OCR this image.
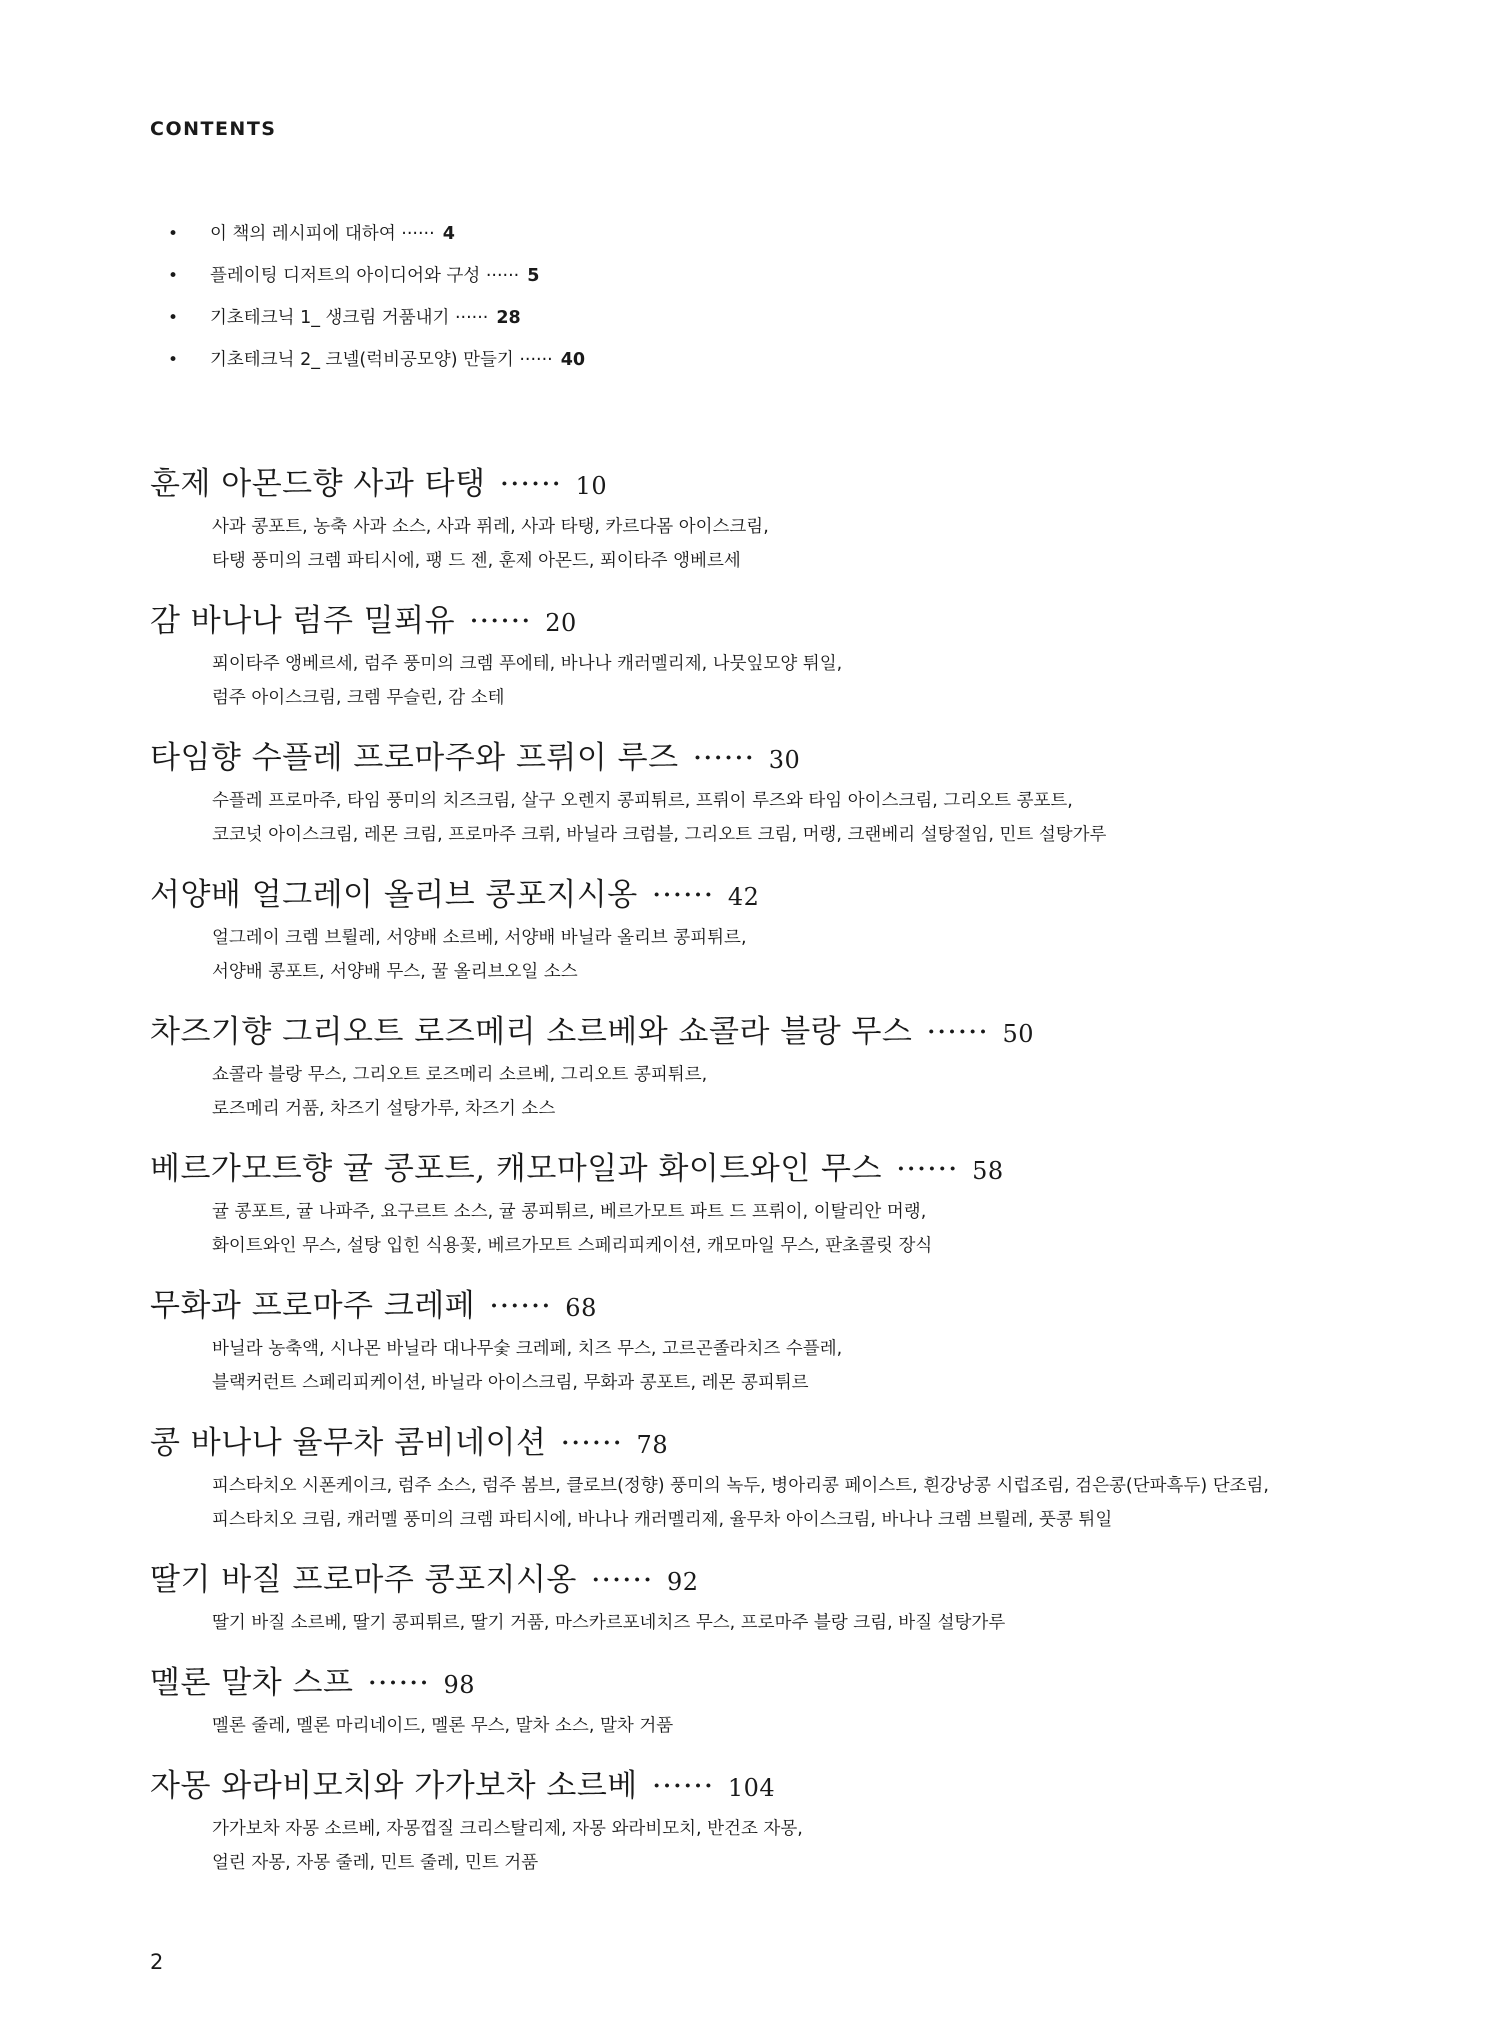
CONTENTS
• 이 책의 레시피에 대하여 ······ 4
• 플레이팅 디저트의 아이디어와 구성 ······ 5
• 기초테크닉 1_ 생크림 거품내기 ······ 28
• 기초테크닉 2_ 크넬(럭비공모양) 만들기 ······ 40
훈제 아몬드향 사과 타탱 ······ 10
사과 콩포트, 농축 사과 소스, 사과 퓌레, 사과 타탱, 카르다몸 아이스크림,
타탱 풍미의 크렘 파티시에, 팽 드 젠, 훈제 아몬드, 푀이타주 앵베르세
감 바나나 럼주 밀푀유 ······ 20
푀이타주 앵베르세, 럼주 풍미의 크렘 푸에테, 바나나 캐러멜리제, 나뭇잎모양 튀일,
럼주 아이스크림, 크렘 무슬린, 감 소테
타임향 수플레 프로마주와 프뤼이 루즈 ······ 30
수플레 프로마주, 타임 풍미의 치즈크림, 살구 오렌지 콩피튀르, 프뤼이 루즈와 타임 아이스크림, 그리오트 콩포트,
코코넛 아이스크림, 레몬 크림, 프로마주 크뤼, 바닐라 크럼블, 그리오트 크림, 머랭, 크랜베리 설탕절임, 민트 설탕가루
서양배 얼그레이 올리브 콩포지시옹 ······ 42
얼그레이 크렘 브륄레, 서양배 소르베, 서양배 바닐라 올리브 콩피튀르,
서양배 콩포트, 서양배 무스, 꿀 올리브오일 소스
차즈기향 그리오트 로즈메리 소르베와 쇼콜라 블랑 무스 ······ 50
쇼콜라 블랑 무스, 그리오트 로즈메리 소르베, 그리오트 콩피튀르,
로즈메리 거품, 차즈기 설탕가루, 차즈기 소스
베르가모트향 귤 콩포트, 캐모마일과 화이트와인 무스 ······ 58
귤 콩포트, 귤 나파주, 요구르트 소스, 귤 콩피튀르, 베르가모트 파트 드 프뤼이, 이탈리안 머랭,
화이트와인 무스, 설탕 입힌 식용꽃, 베르가모트 스페리피케이션, 캐모마일 무스, 판초콜릿 장식
무화과 프로마주 크레페 ······ 68
바닐라 농축액, 시나몬 바닐라 대나무숯 크레페, 치즈 무스, 고르곤졸라치즈 수플레,
블랙커런트 스페리피케이션, 바닐라 아이스크림, 무화과 콩포트, 레몬 콩피튀르
콩 바나나 율무차 콤비네이션 ······ 78
피스타치오 시폰케이크, 럼주 소스, 럼주 봄브, 클로브(정향) 풍미의 녹두, 병아리콩 페이스트, 흰강낭콩 시럽조림, 검은콩(단파흑두) 단조림,
피스타치오 크림, 캐러멜 풍미의 크렘 파티시에, 바나나 캐러멜리제, 율무차 아이스크림, 바나나 크렘 브륄레, 풋콩 튀일
딸기 바질 프로마주 콩포지시옹 ······ 92
딸기 바질 소르베, 딸기 콩피튀르, 딸기 거품, 마스카르포네치즈 무스, 프로마주 블랑 크림, 바질 설탕가루
멜론 말차 스프 ······ 98
멜론 줄레, 멜론 마리네이드, 멜론 무스, 말차 소스, 말차 거품
자몽 와라비모치와 가가보차 소르베 ······ 104
가가보차 자몽 소르베, 자몽껍질 크리스탈리제, 자몽 와라비모치, 반건조 자몽,
얼린 자몽, 자몽 줄레, 민트 줄레, 민트 거품
2
